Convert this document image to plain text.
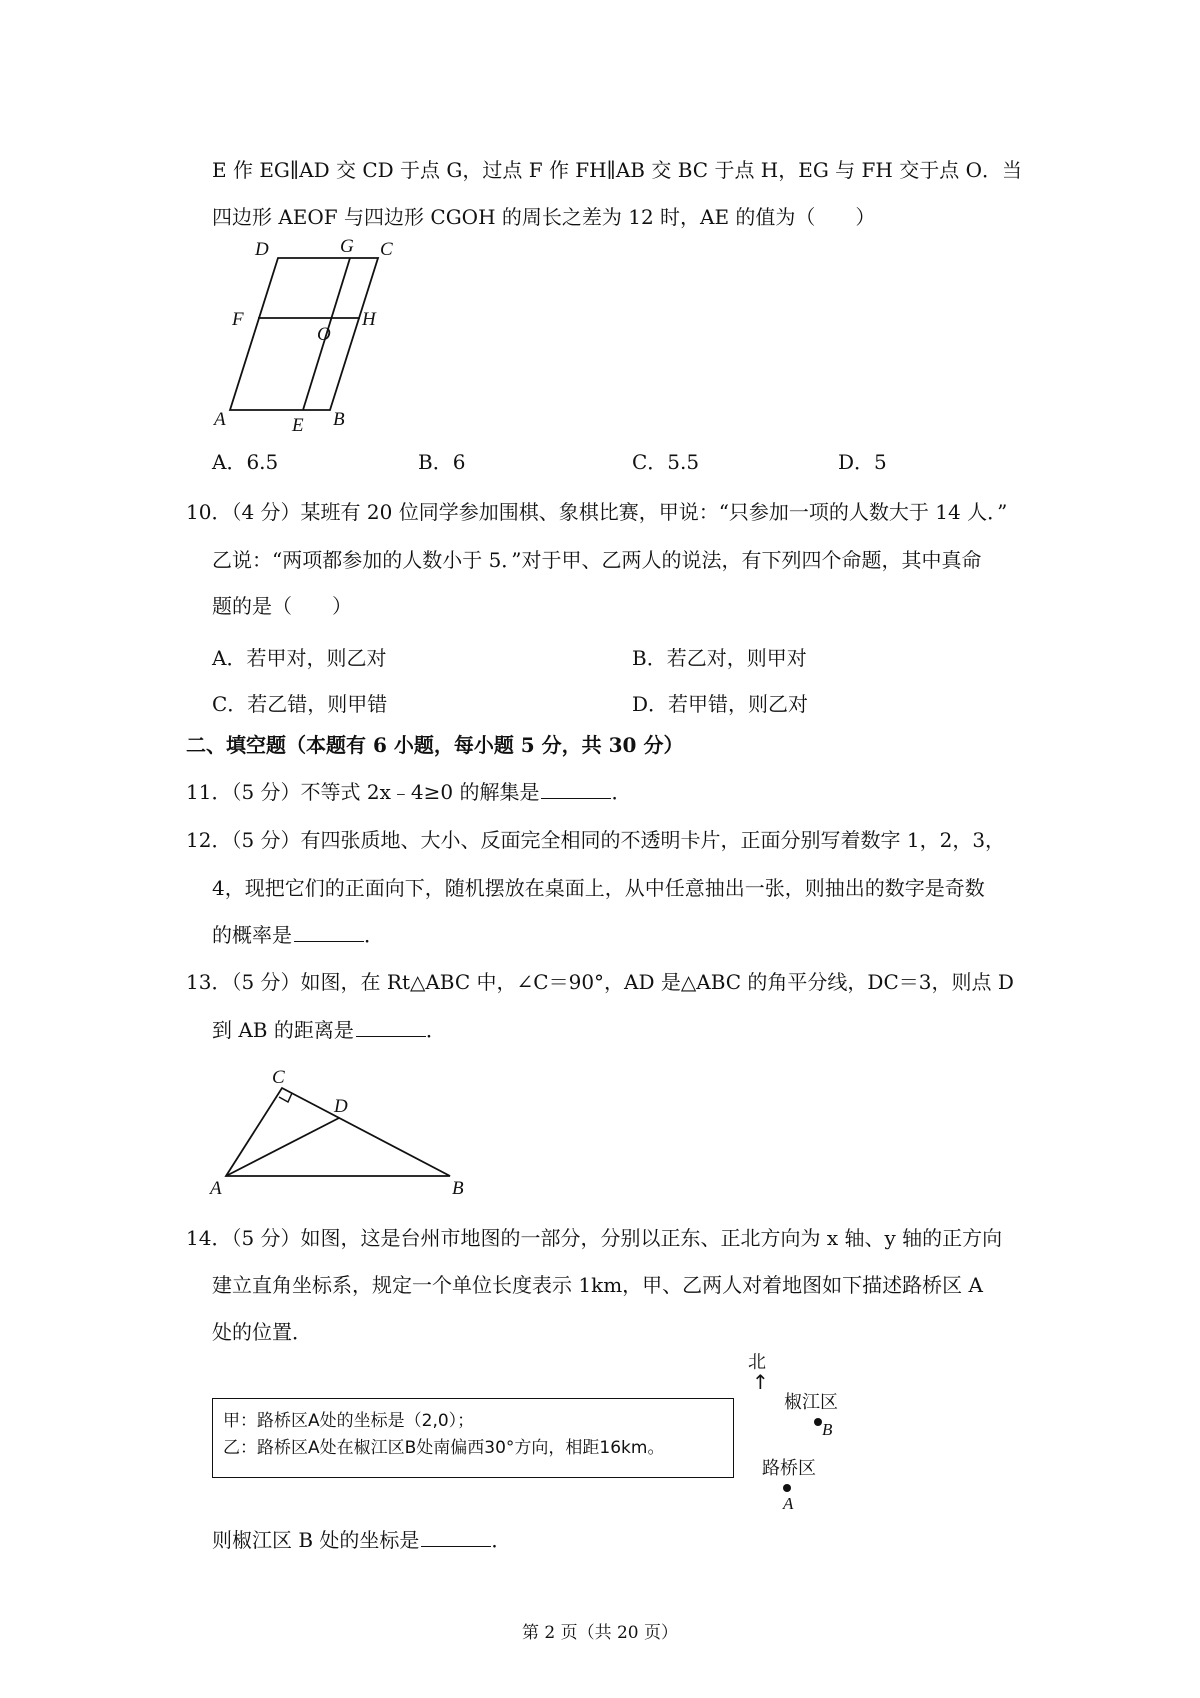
E 作 EG∥AD 交 CD 于点 G，过点 F 作 FH∥AB 交 BC 于点 H，EG 与 FH 交于点 O．当
四边形 AEOF 与四边形 CGOH 的周长之差为 12 时，AE 的值为（　　）
D	G C
F
O
H
A	E B
A．6.5	B．6	C．5.5	D．5
10．（4 分）某班有 20 位同学参加围棋、象棋比赛，甲说：“只参加一项的人数大于 14 人．”
乙说：“两项都参加的人数小于 5．”对于甲、乙两人的说法，有下列四个命题，其中真命
题的是（　　）
A．若甲对，则乙对	B．若乙对，则甲对
C．若乙错，则甲错	D．若甲错，则乙对
二、填空题（本题有 6 小题，每小题 5 分，共 30 分）
11．（5 分）不等式 2x﹣4≥0 的解集是	．
12．（5 分）有四张质地、大小、反面完全相同的不透明卡片，正面分别写着数字 1，2，3，
4，现把它们的正面向下，随机摆放在桌面上，从中任意抽出一张，则抽出的数字是奇数
的概率是	．
13．（5 分）如图，在 Rt△ABC 中，∠C＝90°，AD 是△ABC 的角平分线，DC＝3，则点 D
到 AB 的距离是	．
C
D
A	B
14．（5 分）如图，这是台州市地图的一部分，分别以正东、正北方向为 x 轴、y 轴的正方向
建立直角坐标系，规定一个单位长度表示 1km，甲、乙两人对着地图如下描述路桥区 A
处的位置．
甲：路桥区A处的坐标是（2,0）；
乙：路桥区A处在椒江区B处南偏西30°方向，相距16km。
北
↑
椒江区
B
路桥区
A
则椒江区 B 处的坐标是	．
第 2 页（共 20 页）
